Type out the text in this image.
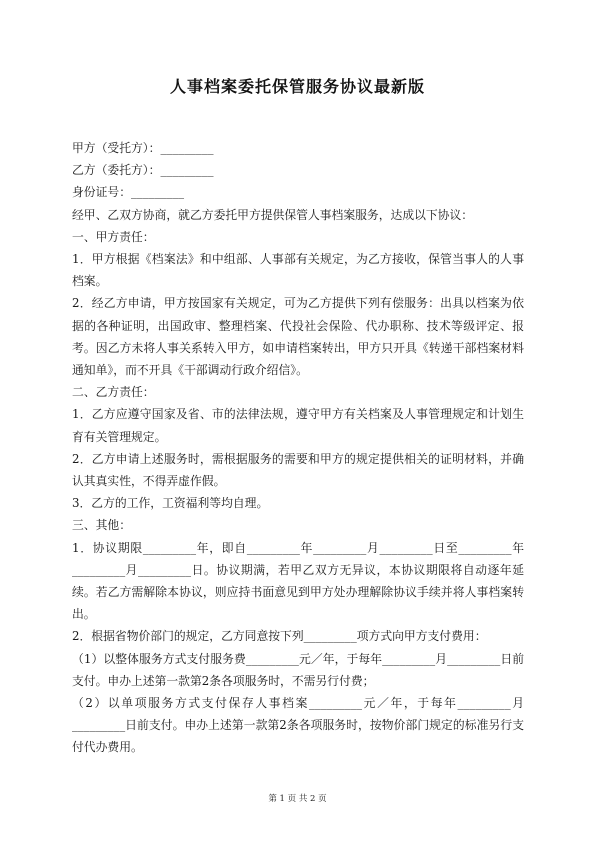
人事档案委托保管服务协议最新版

甲方（受托方）：_________

乙方（委托方）：_________

身份证号：_________

经甲、乙双方协商，就乙方委托甲方提供保管人事档案服务，达成以下协议：

一、甲方责任：

1．甲方根据《档案法》和中组部、人事部有关规定，为乙方接收，保管当事人的人事档案。

2．经乙方申请，甲方按国家有关规定，可为乙方提供下列有偿服务：出具以档案为依据的各种证明，出国政审、整理档案、代投社会保险、代办职称、技术等级评定、报考。因乙方未将人事关系转入甲方，如申请档案转出，甲方只开具《转递干部档案材料通知单》，而不开具《干部调动行政介绍信》。

二、乙方责任：

1．乙方应遵守国家及省、市的法律法规，遵守甲方有关档案及人事管理规定和计划生育有关管理规定。

2．乙方申请上述服务时，需根据服务的需要和甲方的规定提供相关的证明材料，并确认其真实性，不得弄虚作假。

3．乙方的工作，工资福利等均自理。

三、其他：

1．协议期限_________年，即自_________年_________月_________日至_________年_________月_________日。协议期满，若甲乙双方无异议，本协议期限将自动逐年延续。若乙方需解除本协议，则应持书面意见到甲方处办理解除协议手续并将人事档案转出。

2．根据省物价部门的规定，乙方同意按下列_________项方式向甲方支付费用：

（1）以整体服务方式支付服务费_________元／年，于每年_________月_________日前支付。申办上述第一款第2条各项服务时，不需另行付费；

（2）以单项服务方式支付保存人事档案_________元／年，于每年_________月_________日前支付。申办上述第一款第2条各项服务时，按物价部门规定的标准另行支付代办费用。

第 1 页 共 2 页
